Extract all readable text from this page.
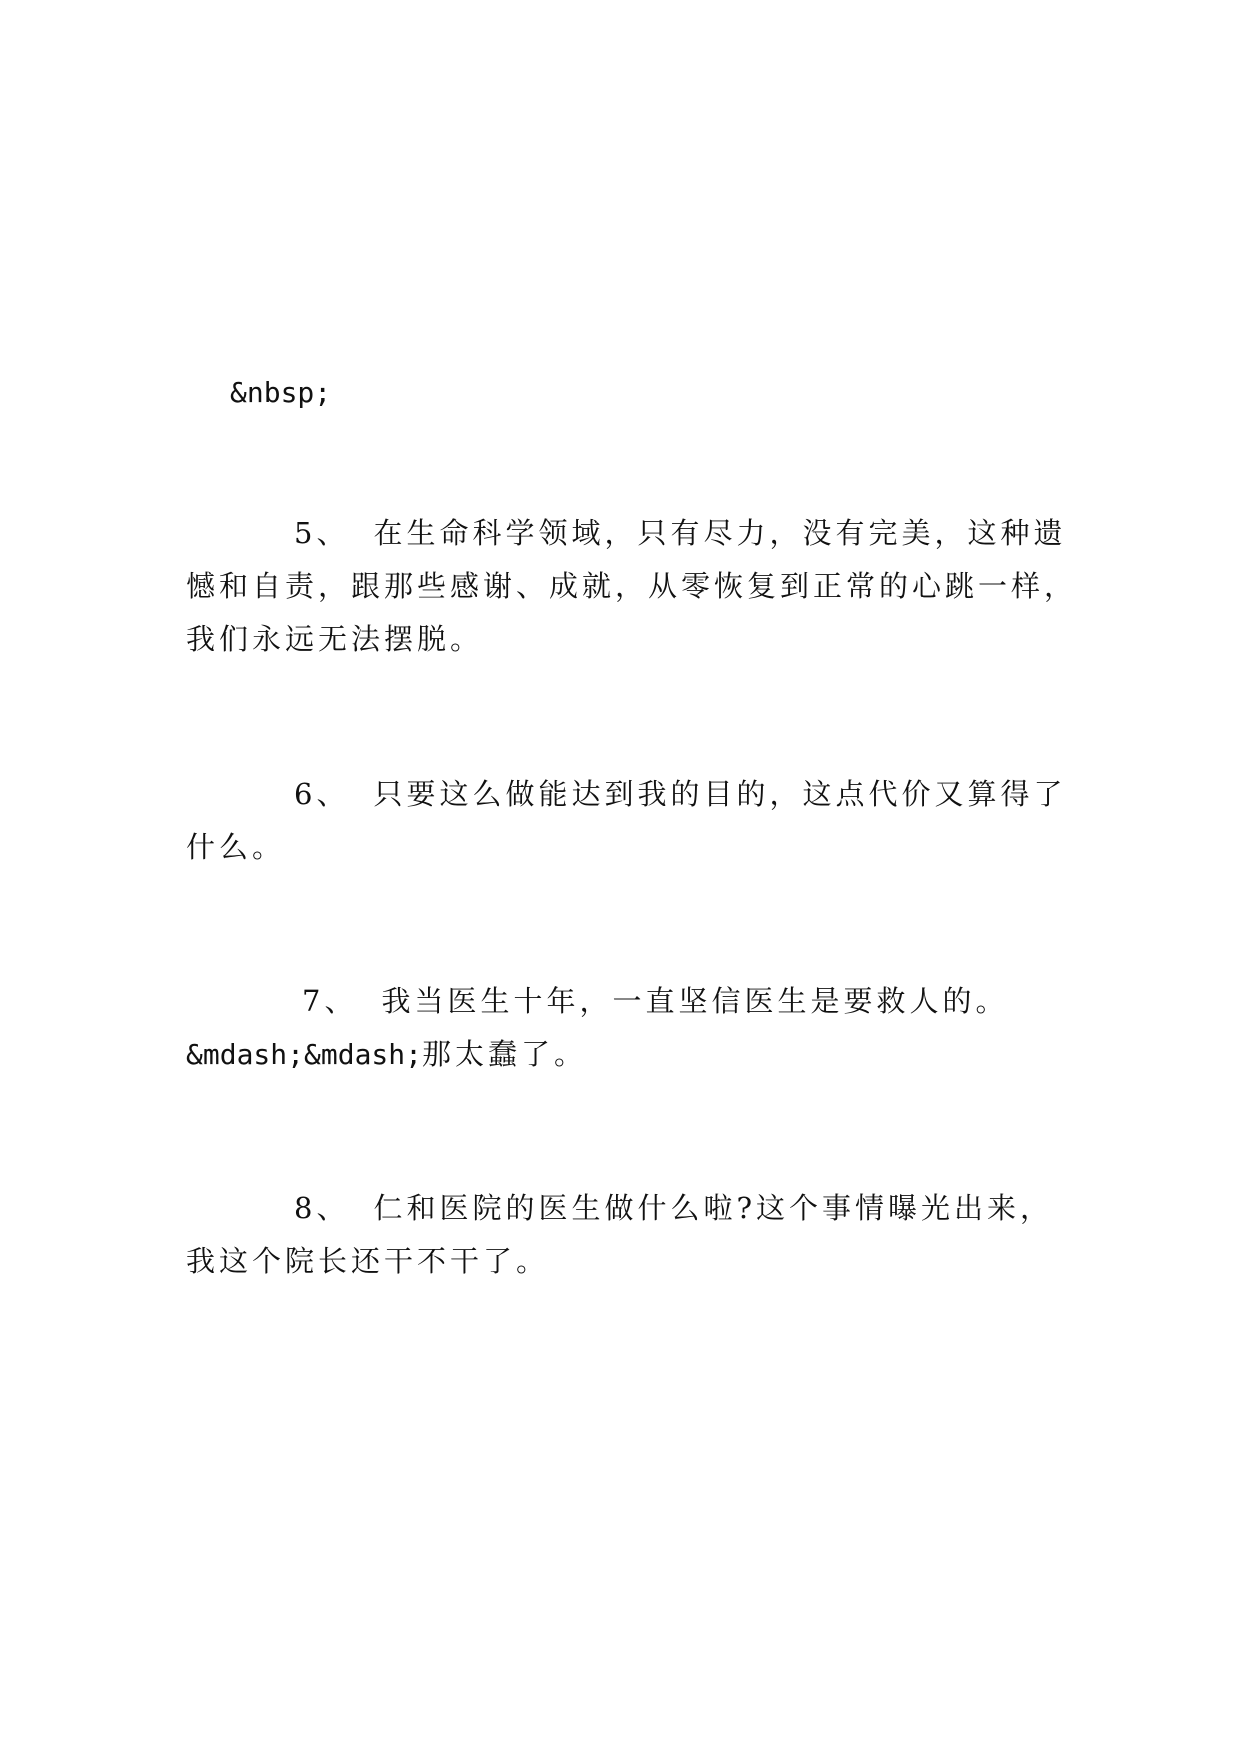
&nbsp;
5、 在生命科学领域，只有尽力，没有完美，这种遗
憾和自责，跟那些感谢、成就，从零恢复到正常的心跳一样，
我们永远无法摆脱。
6、 只要这么做能达到我的目的，这点代价又算得了
什么。
7、 我当医生十年，一直坚信医生是要救人的。
&mdash;&mdash;那太蠢了。
8、 仁和医院的医生做什么啦?这个事情曝光出来，
我这个院长还干不干了。
